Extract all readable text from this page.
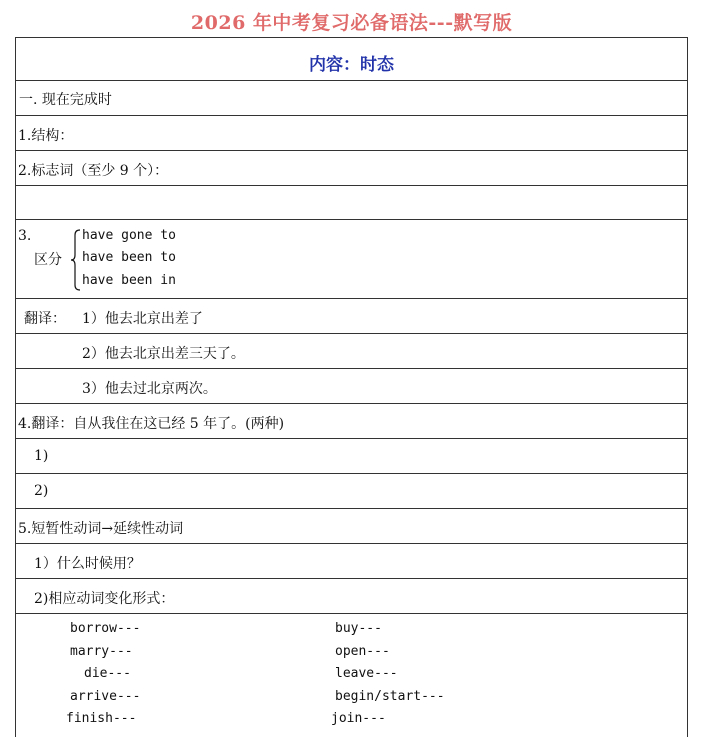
2026 年中考复习必备语法---默写版
内容：时态
一. 现在完成时
1.结构：
2.标志词（至少 9 个）：
3.
区分
have gone to
have been to
have been in
翻译： 1）他去北京出差了
2）他去北京出差三天了。
3）他去过北京两次。
4.翻译：自从我住在这已经 5 年了。(两种)
1)
2)
5.短暂性动词→延续性动词
1）什么时候用？
2)相应动词变化形式：
borrow---
marry---
die---
arrive---
finish---
buy---
open---
leave---
begin/start---
join---
